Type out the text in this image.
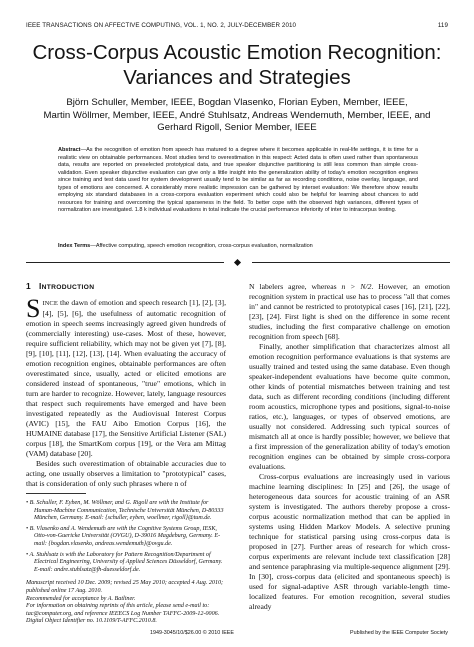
IEEE TRANSACTIONS ON AFFECTIVE COMPUTING, VOL. 1, NO. 2, JULY-DECEMBER 2010	119
Cross-Corpus Acoustic Emotion Recognition:
Variances and Strategies
Björn Schuller, Member, IEEE, Bogdan Vlasenko, Florian Eyben, Member, IEEE,
Martin Wöllmer, Member, IEEE, André Stuhlsatz, Andreas Wendemuth, Member, IEEE, and
Gerhard Rigoll, Senior Member, IEEE
Abstract—As the recognition of emotion from speech has matured to a degree where it becomes applicable in real-life settings, it is time for a realistic view on obtainable performances. Most studies tend to overestimation in this respect: Acted data is often used rather than spontaneous data, results are reported on preselected prototypical data, and true speaker disjunctive partitioning is still less common than simple cross-validation. Even speaker disjunctive evaluation can give only a little insight into the generalization ability of today's emotion recognition engines since training and test data used for system development usually tend to be similar as far as recording conditions, noise overlay, language, and types of emotions are concerned. A considerably more realistic impression can be gathered by interset evaluation: We therefore show results employing six standard databases in a cross-corpora evaluation experiment which could also be helpful for learning about chances to add resources for training and overcoming the typical sparseness in the field. To better cope with the observed high variances, different types of normalization are investigated. 1.8 k individual evaluations in total indicate the crucial performance inferiority of inter to intracorpus testing.
Index Terms—Affective computing, speech emotion recognition, cross-corpus evaluation, normalization
1 INTRODUCTION

SINCE the dawn of emotion and speech research [1], [2], [3], [4], [5], [6], the usefulness of automatic recognition of emotion in speech seems increasingly agreed given hundreds of (commercially interesting) use-cases. Most of these, however, require sufficient reliability, which may not be given yet [7], [8], [9], [10], [11], [12], [13], [14]. When evaluating the accuracy of emotion recognition engines, obtainable performances are often overestimated since, usually, acted or elicited emotions are considered instead of spontaneous, "true" emotions, which in turn are harder to recognize. However, lately, language resources that respect such requirements have emerged and have been investigated repeatedly as the Audiovisual Interest Corpus (AVIC) [15], the FAU Aibo Emotion Corpus [16], the HUMAINE database [17], the Sensitive Artificial Listener (SAL) corpus [18], the SmartKom corpus [19], or the Vera am Mittag (VAM) database [20].

Besides such overestimation of obtainable accuracies due to acting, one usually observes a limitation to "prototypical" cases, that is consideration of only such phrases where n of

• B. Schuller, F. Eyben, M. Wöllmer, and G. Rigoll are with the Institute for Human-Machine Communication, Technische Universität München, D-80333 München, Germany. E-mail: {schuller, eyben, woellmer, rigoll}@tum.de.
• B. Vlasenko and A. Wendemuth are with the Cognitive Systems Group, IESK, Otto-von-Guericke Universität (OVGU), D-39016 Magdeburg, Germany. E-mail: {bogdan.vlasenko, andreas.wendemuth}@ovgu.de.
• A. Stuhlsatz is with the Laboratory for Pattern Recognition/Department of Electrical Engineering, University of Applied Sciences Düsseldorf, Germany. E-mail: andre.stuhlsatz@fh-duesseldorf.de.
Manuscript received 10 Dec. 2009; revised 25 May 2010; accepted 4 Aug. 2010; published online 17 Aug. 2010.
Recommended for acceptance by A. Batliner.
For information on obtaining reprints of this article, please send e-mail to: tac@computer.org, and reference IEEECS Log Number TAFFC-2009-12-0006. Digital Object Identifier no. 10.1109/T-AFFC.2010.8.

N labelers agree, whereas n > N/2. However, an emotion recognition system in practical use has to process "all that comes in" and cannot be restricted to prototypical cases [16], [21], [22], [23], [24]. First light is shed on the difference in some recent studies, including the first comparative challenge on emotion recognition from speech [68].

Finally, another simplification that characterizes almost all emotion recognition performance evaluations is that systems are usually trained and tested using the same database. Even though speaker-independent evaluations have become quite common, other kinds of potential mismatches between training and test data, such as different recording conditions (including different room acoustics, microphone types and positions, signal-to-noise ratios, etc.), languages, or types of observed emotions, are usually not considered. Addressing such typical sources of mismatch all at once is hardly possible; however, we believe that a first impression of the generalization ability of today's emotion recognition engines can be obtained by simple cross-corpora evaluations.

Cross-corpus evaluations are increasingly used in various machine learning disciplines: In [25] and [26], the usage of heterogeneous data sources for acoustic training of an ASR system is investigated. The authors thereby propose a cross-corpus acoustic normalization method that can be applied in systems using Hidden Markov Models. A selective pruning technique for statistical parsing using cross-corpus data is proposed in [27]. Further areas of research for which cross-corpus experiments are relevant include text classification [28] and sentence paraphrasing via multiple-sequence alignment [29]. In [30], cross-corpus data (elicited and spontaneous speech) is used for signal-adaptive ASR through variable-length time-localized features. For emotion recognition, several studies already

1949-3045/10/$26.00 © 2010 IEEE	Published by the IEEE Computer Society
